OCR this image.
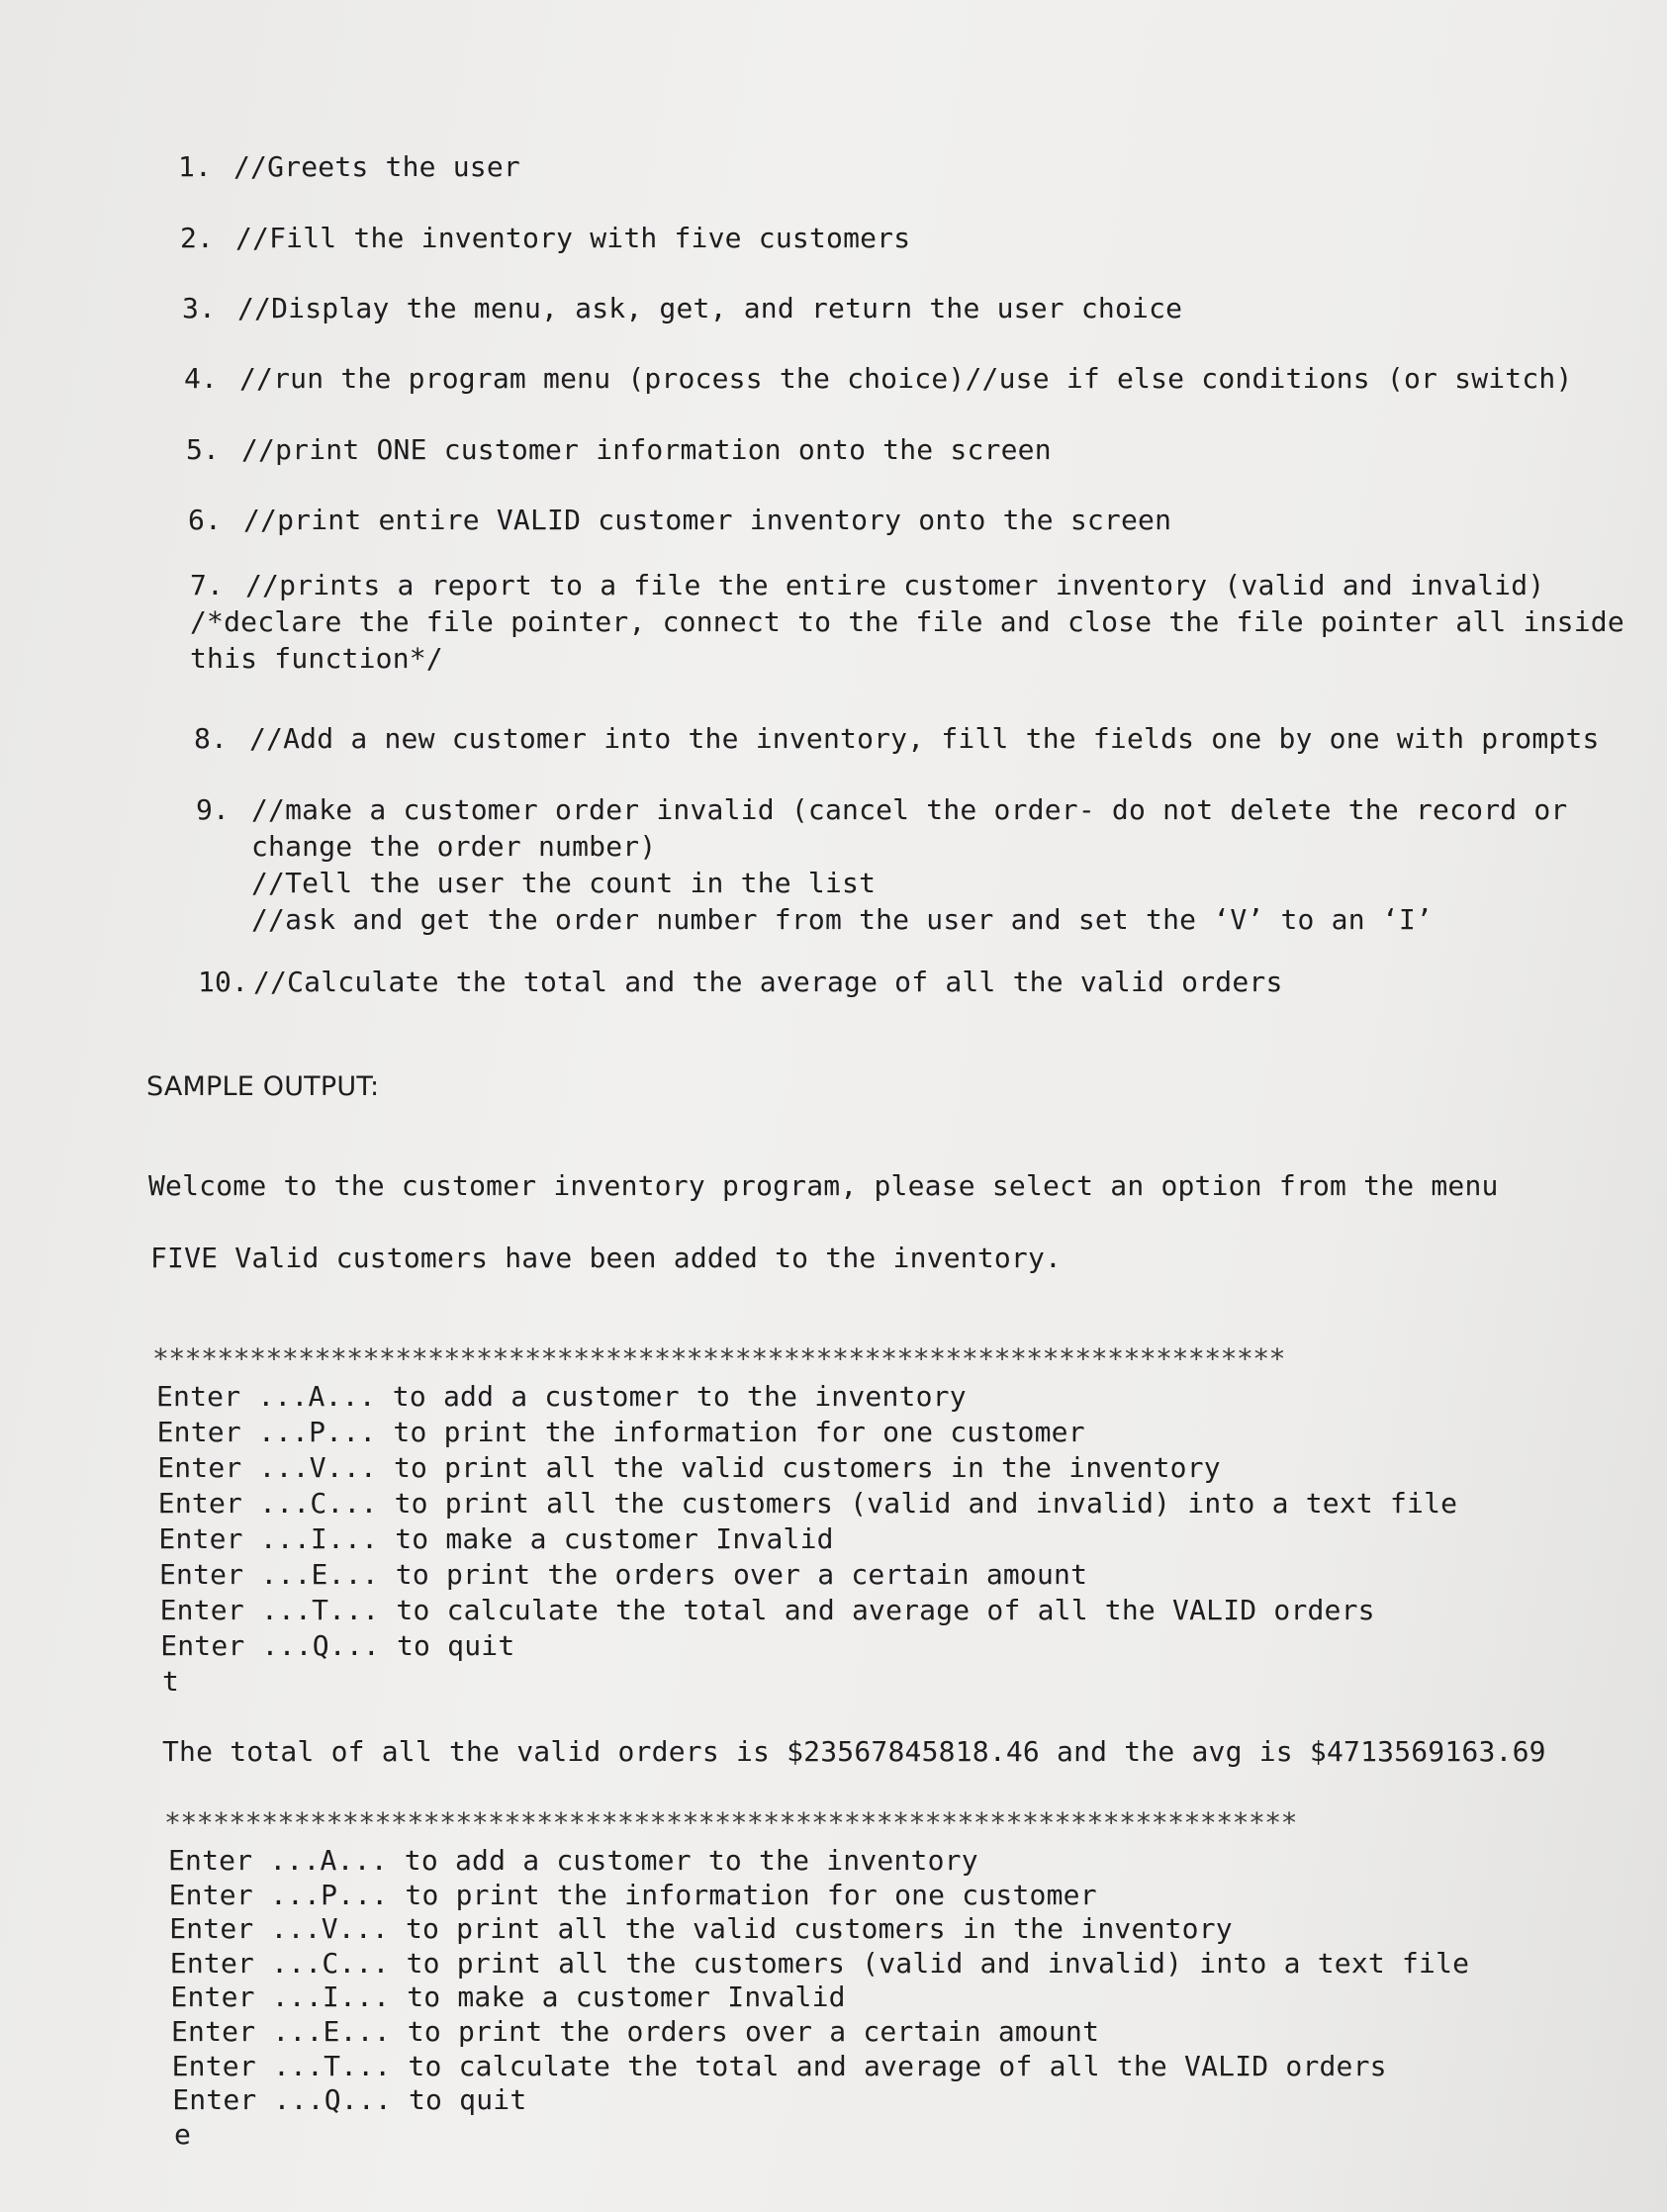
1. //Greets the user
2. //Fill the inventory with five customers
3. //Display the menu, ask, get, and return the user choice
4. //run the program menu (process the choice)//use if else conditions (or switch)
5. //print ONE customer information onto the screen
6. //print entire VALID customer inventory onto the screen
7. //prints a report to a file the entire customer inventory (valid and invalid)
/*declare the file pointer, connect to the file and close the file pointer all inside
this function*/
8. //Add a new customer into the inventory, fill the fields one by one with prompts
9. //make a customer order invalid (cancel the order- do not delete the record or
change the order number)
//Tell the user the count in the list
//ask and get the order number from the user and set the ‘V’ to an ‘I’
10. //Calculate the total and the average of all the valid orders
SAMPLE OUTPUT:
Welcome to the customer inventory program, please select an option from the menu
FIVE Valid customers have been added to the inventory.
**********************************************************************
Enter ...A... to add a customer to the inventory
Enter ...P... to print the information for one customer
Enter ...V... to print all the valid customers in the inventory
Enter ...C... to print all the customers (valid and invalid) into a text file
Enter ...I... to make a customer Invalid
Enter ...E... to print the orders over a certain amount
Enter ...T... to calculate the total and average of all the VALID orders
Enter ...Q... to quit
t
The total of all the valid orders is $23567845818.46 and the avg is $4713569163.69
**********************************************************************
Enter ...A... to add a customer to the inventory
Enter ...P... to print the information for one customer
Enter ...V... to print all the valid customers in the inventory
Enter ...C... to print all the customers (valid and invalid) into a text file
Enter ...I... to make a customer Invalid
Enter ...E... to print the orders over a certain amount
Enter ...T... to calculate the total and average of all the VALID orders
Enter ...Q... to quit
e
